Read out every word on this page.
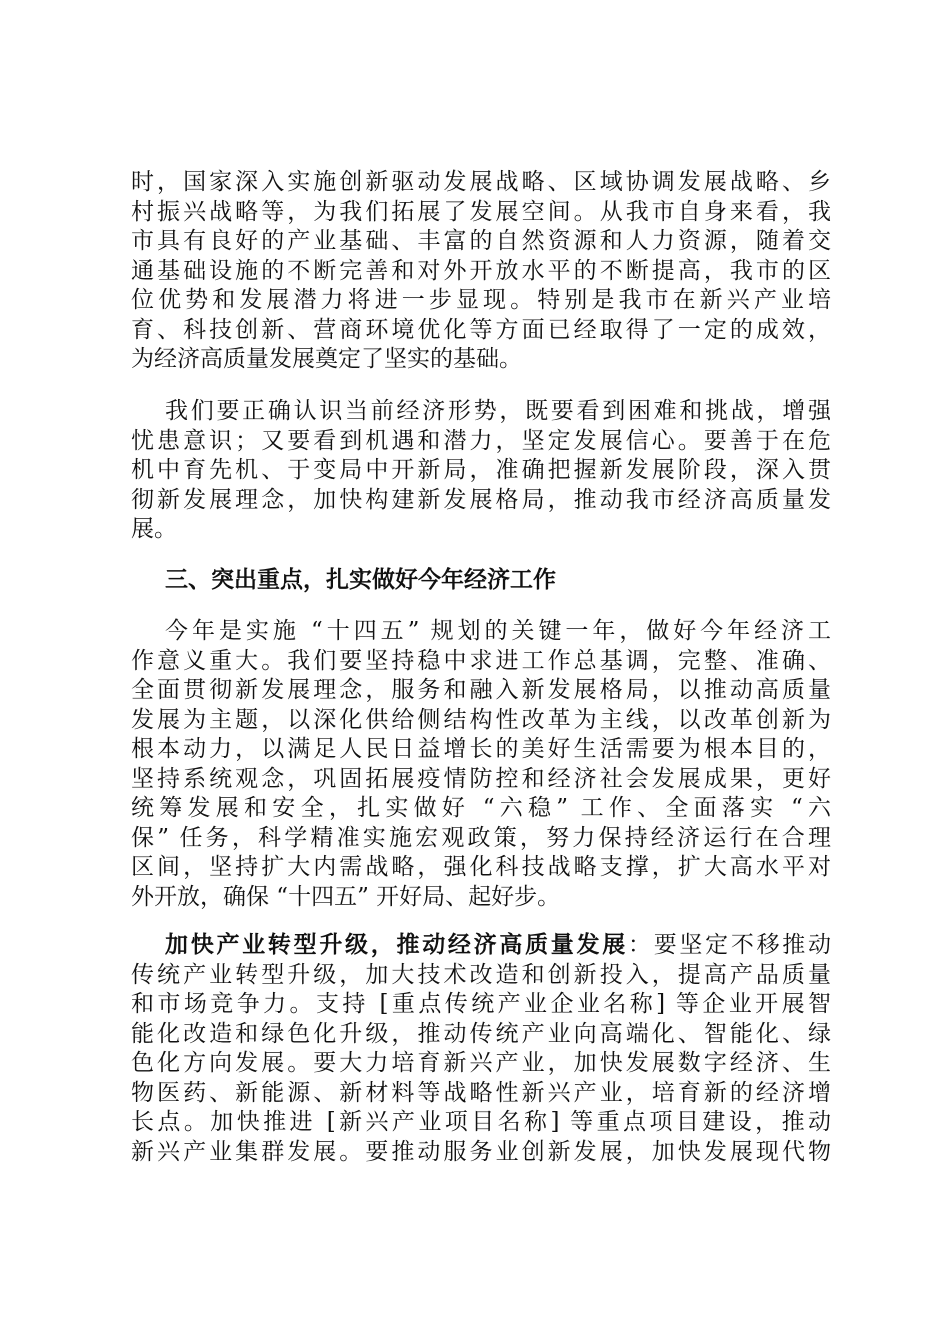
时，国家深入实施创新驱动发展战略、区域协调发展战略、乡
村振兴战略等，为我们拓展了发展空间。从我市自身来看，我
市具有良好的产业基础、丰富的自然资源和人力资源，随着交
通基础设施的不断完善和对外开放水平的不断提高，我市的区
位优势和发展潜力将进一步显现。特别是我市在新兴产业培
育、科技创新、营商环境优化等方面已经取得了一定的成效，
为经济高质量发展奠定了坚实的基础。
我们要正确认识当前经济形势，既要看到困难和挑战，增强
忧患意识；又要看到机遇和潜力，坚定发展信心。要善于在危
机中育先机、于变局中开新局，准确把握新发展阶段，深入贯
彻新发展理念，加快构建新发展格局，推动我市经济高质量发
展。
三、突出重点，扎实做好今年经济工作
今年是实施 “十四五” 规划的关键一年，做好今年经济工
作意义重大。我们要坚持稳中求进工作总基调，完整、准确、
全面贯彻新发展理念，服务和融入新发展格局，以推动高质量
发展为主题，以深化供给侧结构性改革为主线，以改革创新为
根本动力，以满足人民日益增长的美好生活需要为根本目的，
坚持系统观念，巩固拓展疫情防控和经济社会发展成果，更好
统筹发展和安全，扎实做好 “六稳” 工作、全面落实 “六
保” 任务，科学精准实施宏观政策，努力保持经济运行在合理
区间，坚持扩大内需战略，强化科技战略支撑，扩大高水平对
外开放，确保 “十四五” 开好局、起好步。
加快产业转型升级，推动经济高质量发展：要坚定不移推动
传统产业转型升级，加大技术改造和创新投入，提高产品质量
和市场竞争力。支持 [重点传统产业企业名称] 等企业开展智
能化改造和绿色化升级，推动传统产业向高端化、智能化、绿
色化方向发展。要大力培育新兴产业，加快发展数字经济、生
物医药、新能源、新材料等战略性新兴产业，培育新的经济增
长点。加快推进 [新兴产业项目名称] 等重点项目建设，推动
新兴产业集群发展。要推动服务业创新发展，加快发展现代物
